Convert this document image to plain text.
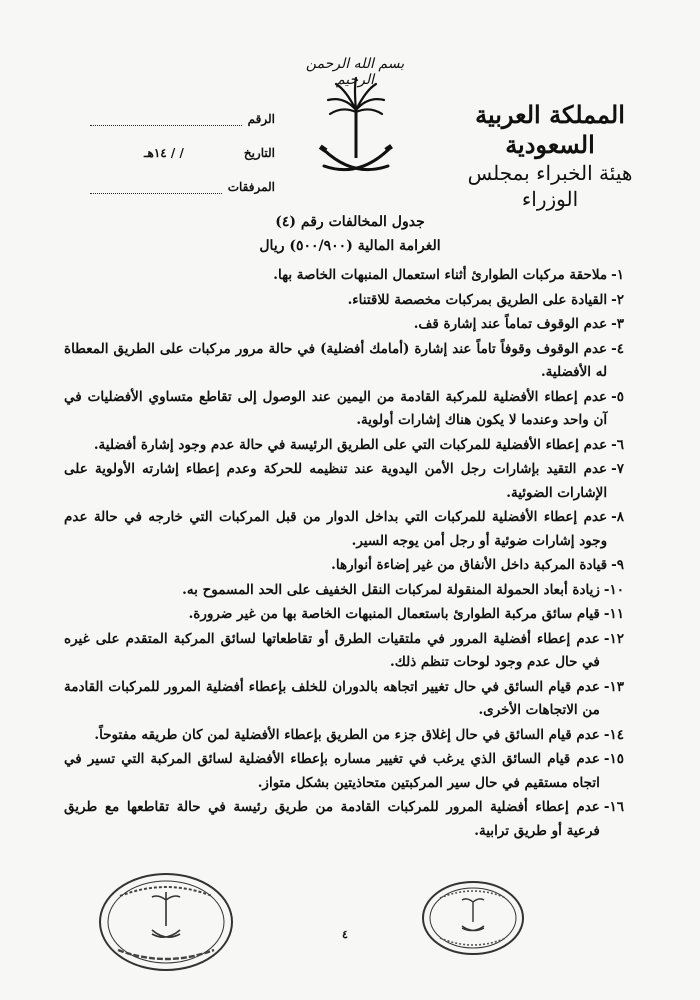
بسم الله الرحمن الرحيم
المملكة العربية السعودية
هيئة الخبراء بمجلس الوزراء
الرقم
التاريخ
/ / ١٤هـ
المرفقات
جدول المخالفات رقم (٤)
الغرامة المالية (٥٠٠/٩٠٠) ريال
١-
ملاحقة مركبات الطوارئ أثناء استعمال المنبهات الخاصة بها.
٢-
القيادة على الطريق بمركبات مخصصة للاقتناء.
٣-
عدم الوقوف تماماً عند إشارة قف.
٤-
عدم الوقوف وقوفاً تاماً عند إشارة (أمامك أفضلية) في حالة مرور مركبات على الطريق المعطاة له الأفضلية.
٥-
عدم إعطاء الأفضلية للمركبة القادمة من اليمين عند الوصول إلى تقاطع متساوي الأفضليات في آن واحد وعندما لا يكون هناك إشارات أولوية.
٦-
عدم إعطاء الأفضلية للمركبات التي على الطريق الرئيسة في حالة عدم وجود إشارة أفضلية.
٧-
عدم التقيد بإشارات رجل الأمن اليدوية عند تنظيمه للحركة وعدم إعطاء إشارته الأولوية على الإشارات الضوئية.
٨-
عدم إعطاء الأفضلية للمركبات التي بداخل الدوار من قبل المركبات التي خارجه في حالة عدم وجود إشارات ضوئية أو رجل أمن يوجه السير.
٩-
قيادة المركبة داخل الأنفاق من غير إضاءة أنوارها.
١٠-
زيادة أبعاد الحمولة المنقولة لمركبات النقل الخفيف على الحد المسموح به.
١١-
قيام سائق مركبة الطوارئ باستعمال المنبهات الخاصة بها من غير ضرورة.
١٢-
عدم إعطاء أفضلية المرور في ملتقيات الطرق أو تقاطعاتها لسائق المركبة المتقدم على غيره في حال عدم وجود لوحات تنظم ذلك.
١٣-
عدم قيام السائق في حال تغيير اتجاهه بالدوران للخلف بإعطاء أفضلية المرور للمركبات القادمة من الاتجاهات الأخرى.
١٤-
عدم قيام السائق في حال إغلاق جزء من الطريق بإعطاء الأفضلية لمن كان طريقه مفتوحاً.
١٥-
عدم قيام السائق الذي يرغب في تغيير مساره بإعطاء الأفضلية لسائق المركبة التي تسير في اتجاه مستقيم في حال سير المركبتين متحاذيتين بشكل متواز.
١٦-
عدم إعطاء أفضلية المرور للمركبات القادمة من طريق رئيسة في حالة تقاطعها مع طريق فرعية أو طريق ترابية.
٤
